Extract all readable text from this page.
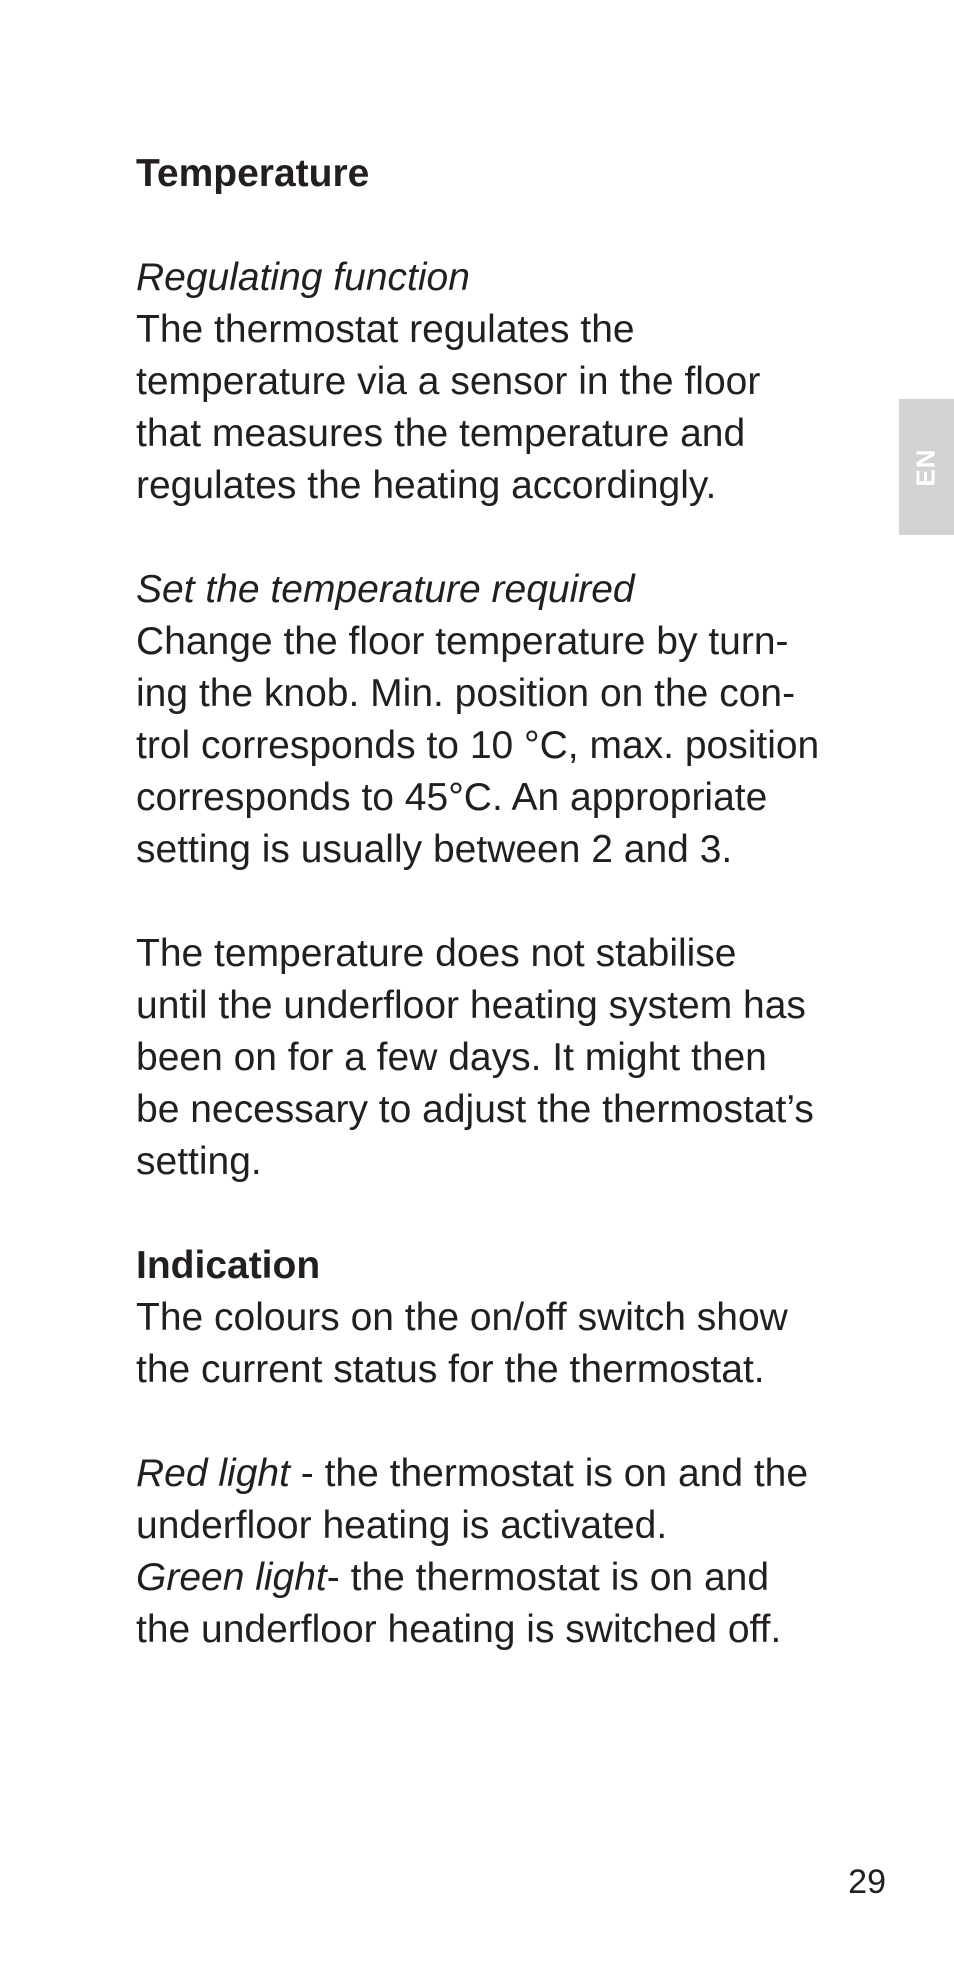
EN

Temperature

Regulating function

The thermostat regulates the

temperature via a sensor in the floor

that measures the temperature and

regulates the heating accordingly.

Set the temperature required

Change the floor temperature by turn-

ing the knob. Min. position on the con-

trol corresponds to 10 °C, max. position

corresponds to 45°C. An appropriate

setting is usually between 2 and 3.

The temperature does not stabilise

until the underfloor heating system has

been on for a few days. It might then

be necessary to adjust the thermostat’s

setting.

Indication

The colours on the on/off switch show

the current status for the thermostat.

Red light - the thermostat is on and the

underfloor heating is activated.

Green light- the thermostat is on and

the underfloor heating is switched off.

29
